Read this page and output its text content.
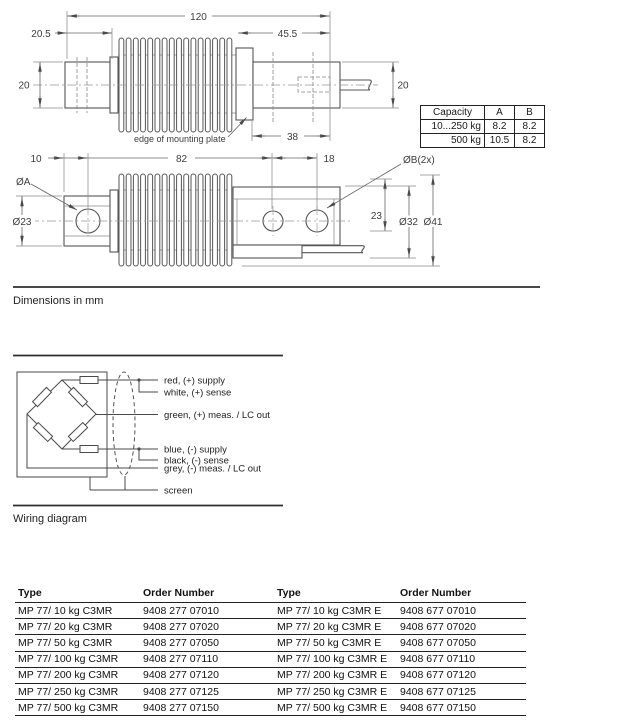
120
20.5	45.5
20	20
38
edge of mounting plate
10	82	18
Ø23
23
Ø32 Ø41
ØA
ØB(2x)
red, (+) supply
white, (+) sense
green, (+) meas. / LC out
blue, (-) supply
black, (-) sense
grey, (-) meas. / LC out
screen
Capacity	A	B
10...250 kg	8.2	8.2
500 kg	10.5	8.2
Dimensions in mm
Wiring diagram
Type	Order Number	Type	Order Number
MP 77/ 10 kg C3MR	9408 277 07010	MP 77/ 10 kg C3MR E	9408 677 07010
MP 77/ 20 kg C3MR	9408 277 07020	MP 77/ 20 kg C3MR E	9408 677 07020
MP 77/ 50 kg C3MR	9408 277 07050	MP 77/ 50 kg C3MR E	9408 677 07050
MP 77/ 100 kg C3MR	9408 277 07110	MP 77/ 100 kg C3MR E	9408 677 07110
MP 77/ 200 kg C3MR	9408 277 07120	MP 77/ 200 kg C3MR E	9408 677 07120
MP 77/ 250 kg C3MR	9408 277 07125	MP 77/ 250 kg C3MR E	9408 677 07125
MP 77/ 500 kg C3MR	9408 277 07150	MP 77/ 500 kg C3MR E	9408 677 07150
